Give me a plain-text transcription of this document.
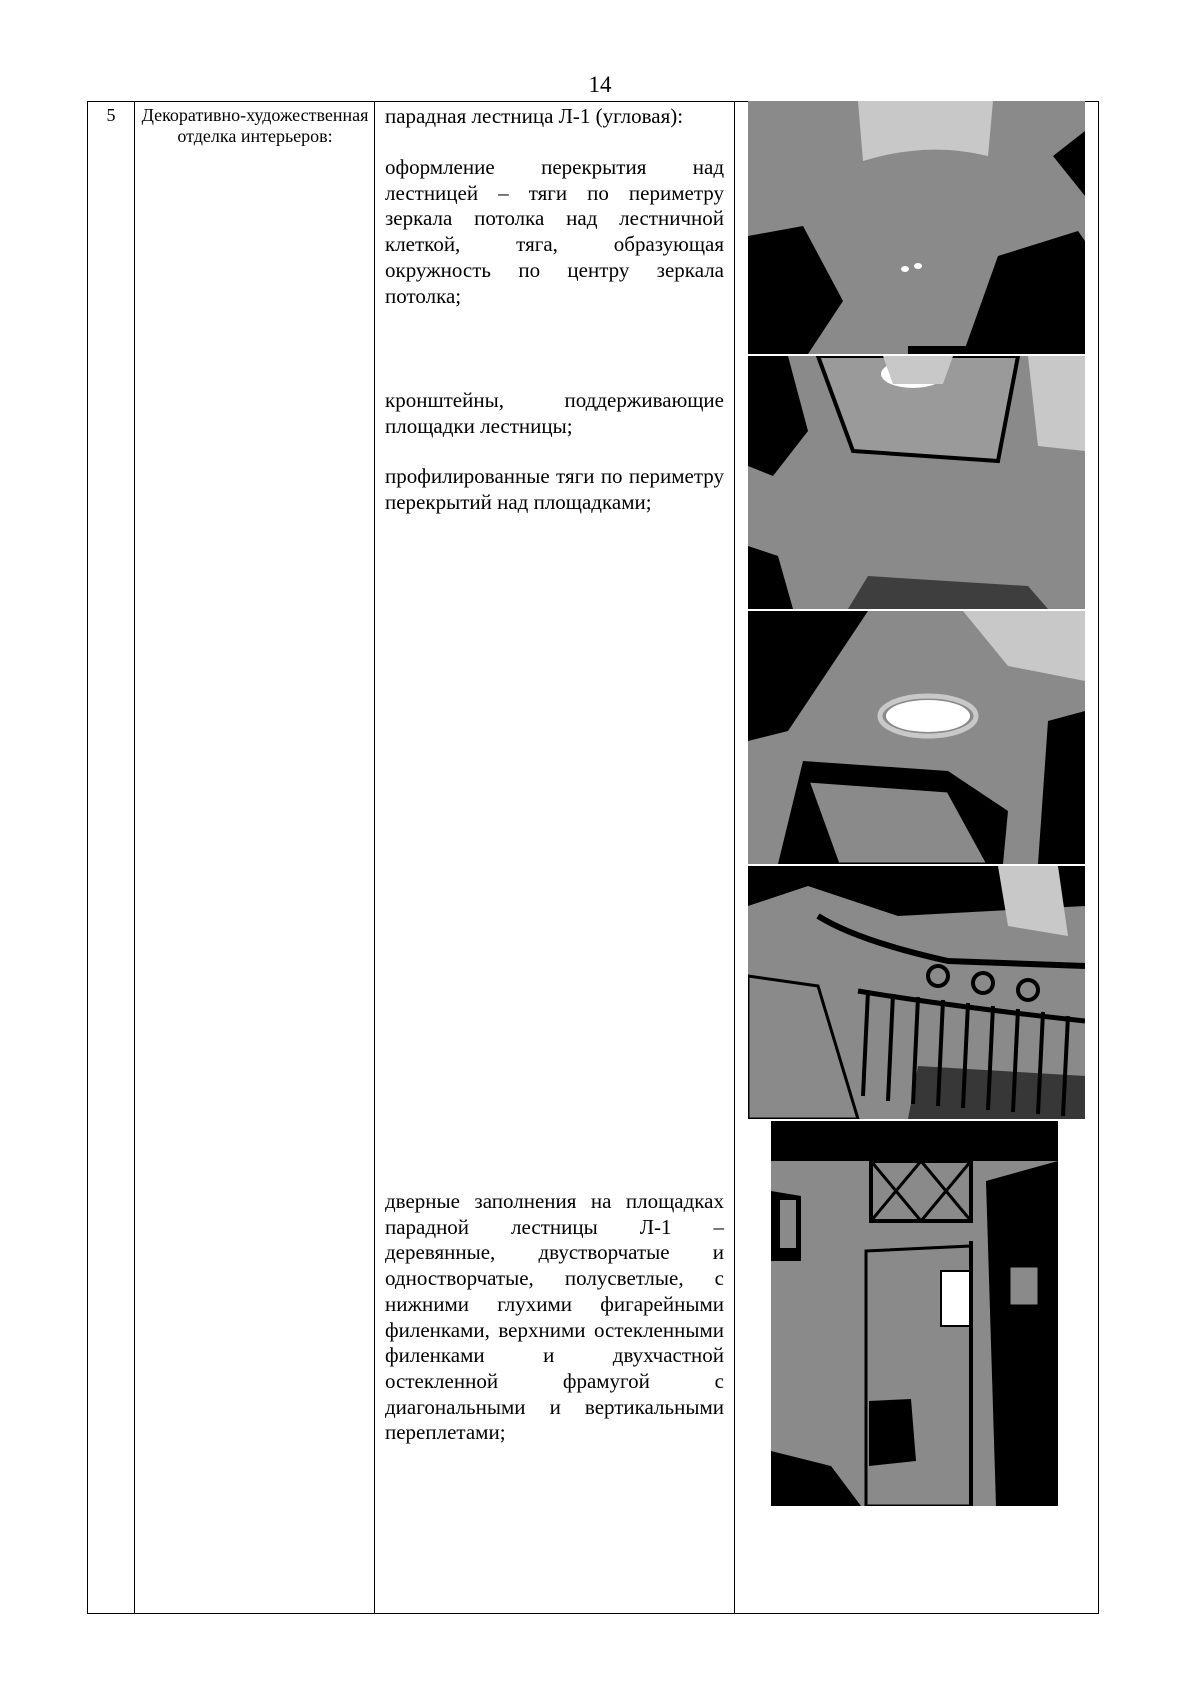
14
5	Декоративно-художественная отделка интерьеров:
парадная лестница Л-1 (угловая):
оформление перекрытия над лестницей – тяги по периметру зеркала потолка над лестничной клеткой, тяга, образующая окружность по центру зеркала потолка;
кронштейны, поддерживающие площадки лестницы;
профилированные тяги по периметру перекрытий над площадками;
дверные заполнения на площадках парадной лестницы Л-1 – деревянные, двустворчатые и одностворчатые, полусветлые, с нижними глухими фигарейными филенками, верхними остекленными филенками и двухчастной остекленной фрамугой с диагональными и вертикальными переплетами;
